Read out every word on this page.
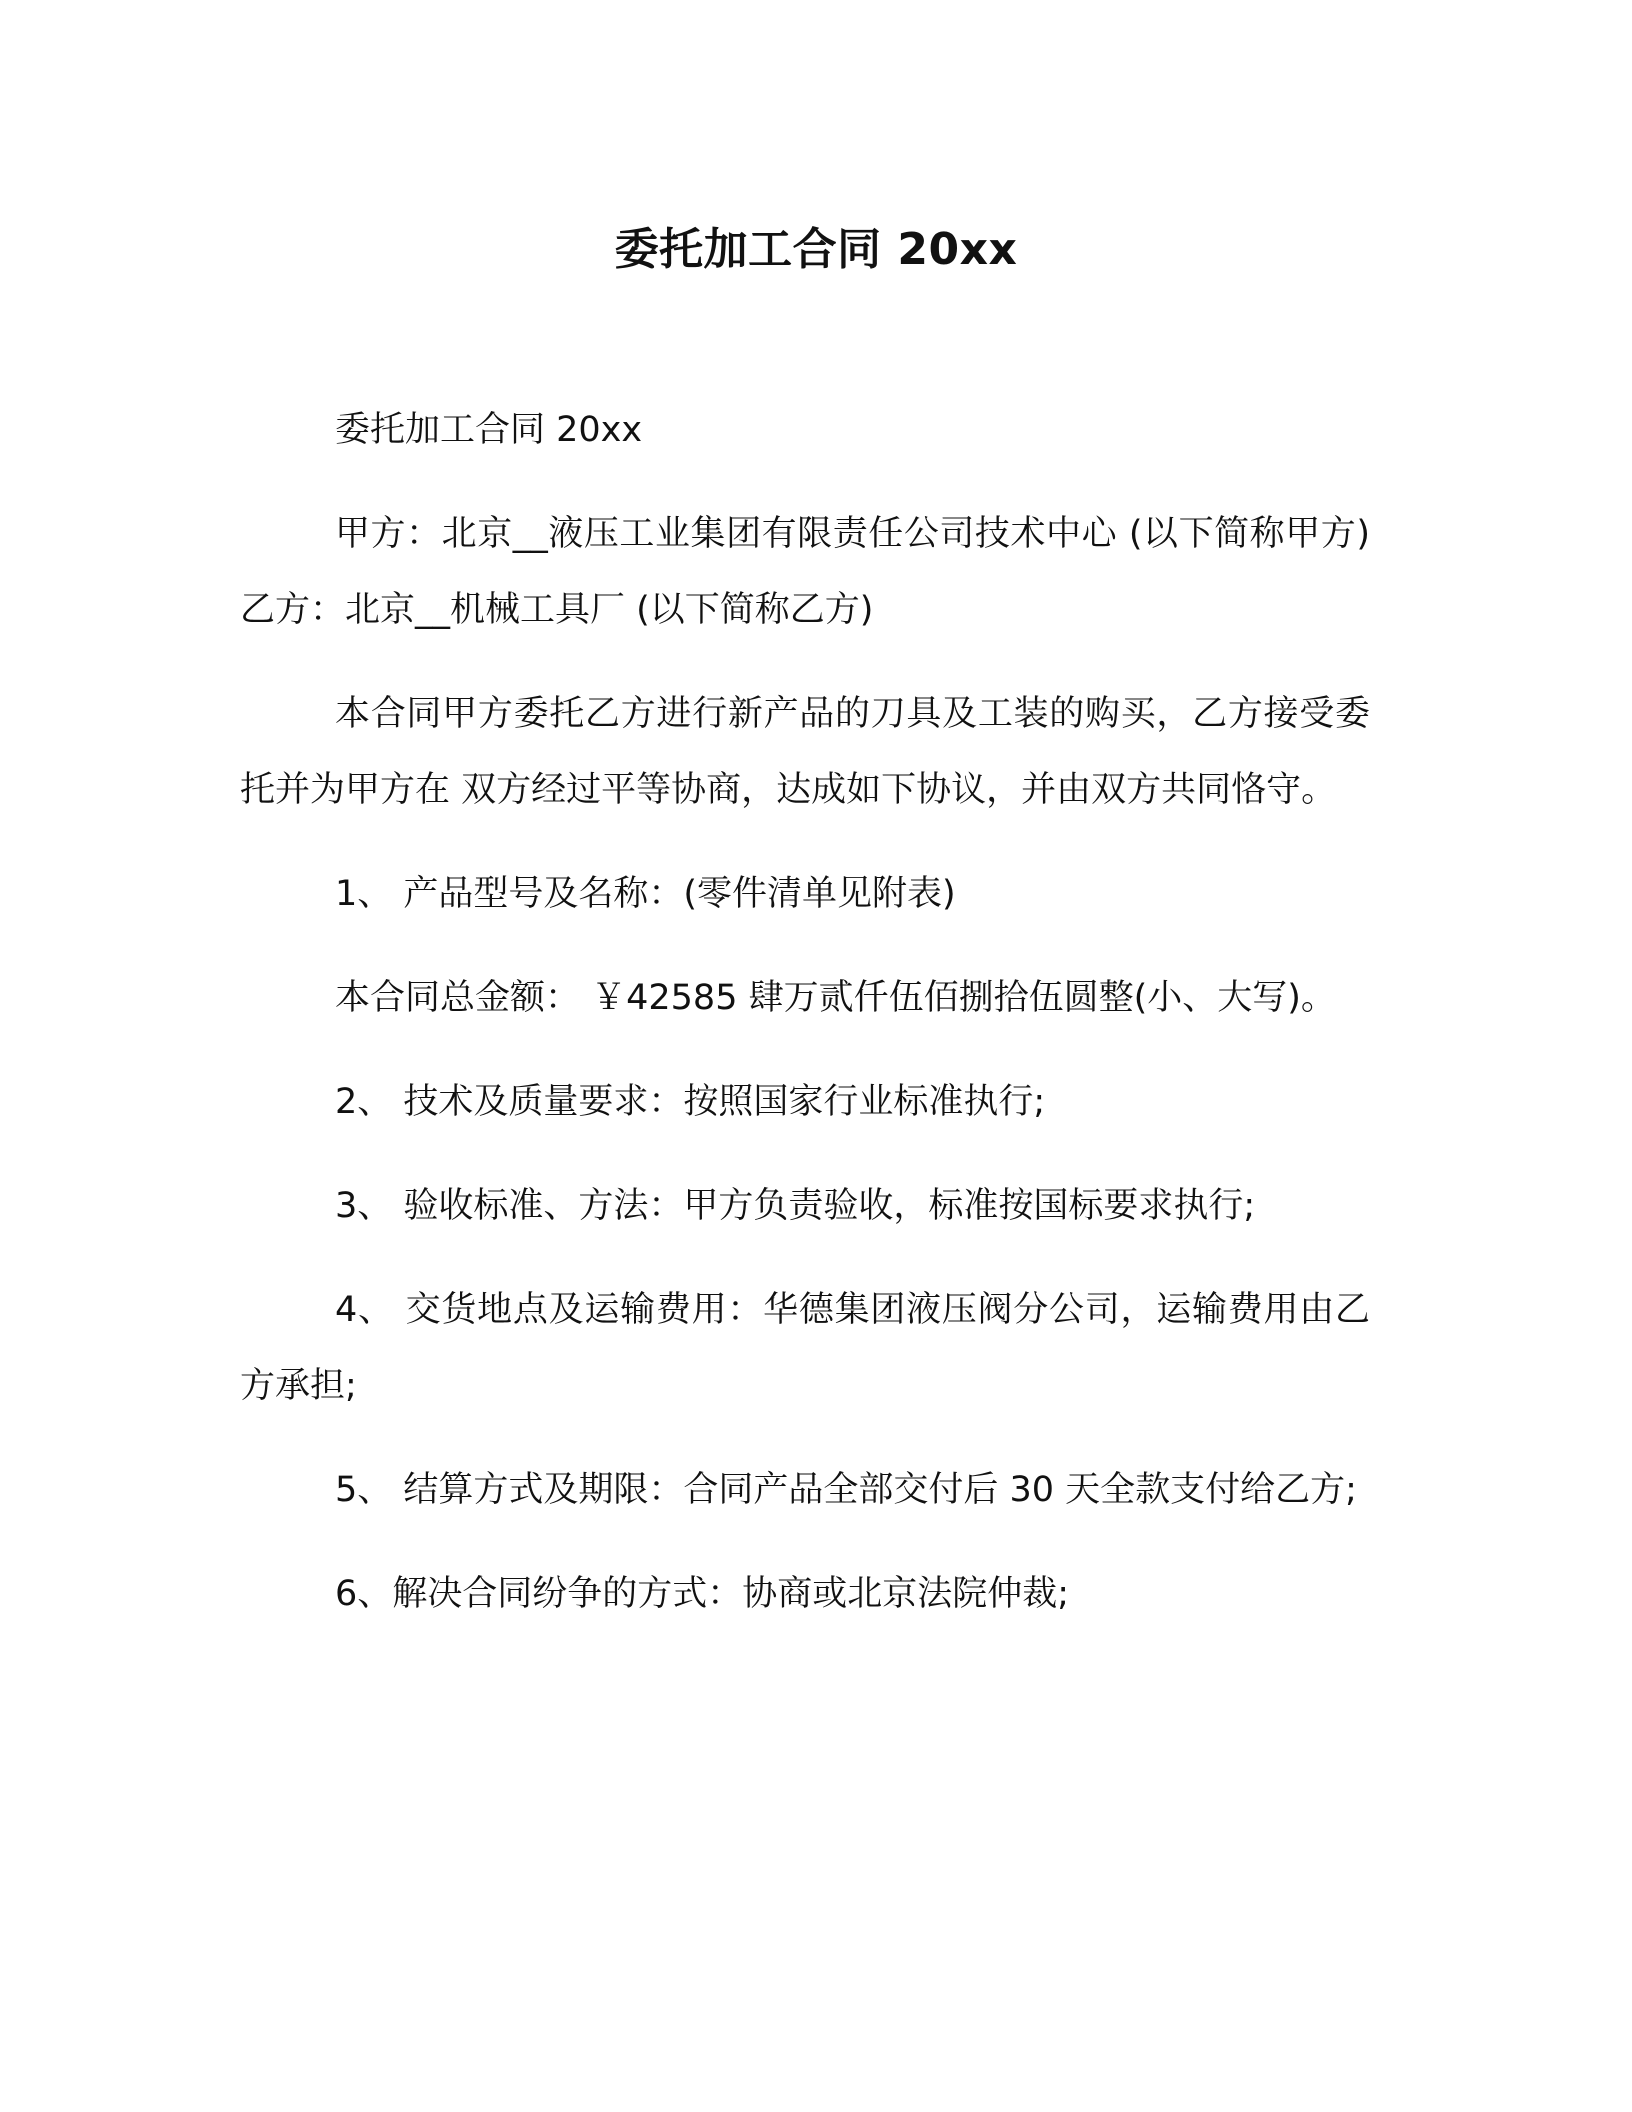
委托加工合同 20xx

委托加工合同 20xx

甲方：北京__液压工业集团有限责任公司技术中心 (以下简称甲方) 乙方：北京__机械工具厂 (以下简称乙方)

本合同甲方委托乙方进行新产品的刀具及工装的购买，乙方接受委托并为甲方在 双方经过平等协商，达成如下协议，并由双方共同恪守。

1、 产品型号及名称：(零件清单见附表)

本合同总金额： ￥42585 肆万贰仟伍佰捌拾伍圆整(小、大写)。

2、 技术及质量要求：按照国家行业标准执行;

3、 验收标准、方法：甲方负责验收，标准按国标要求执行;

4、 交货地点及运输费用：华德集团液压阀分公司，运输费用由乙方承担;

5、 结算方式及期限：合同产品全部交付后 30 天全款支付给乙方;

6、解决合同纷争的方式：协商或北京法院仲裁;
